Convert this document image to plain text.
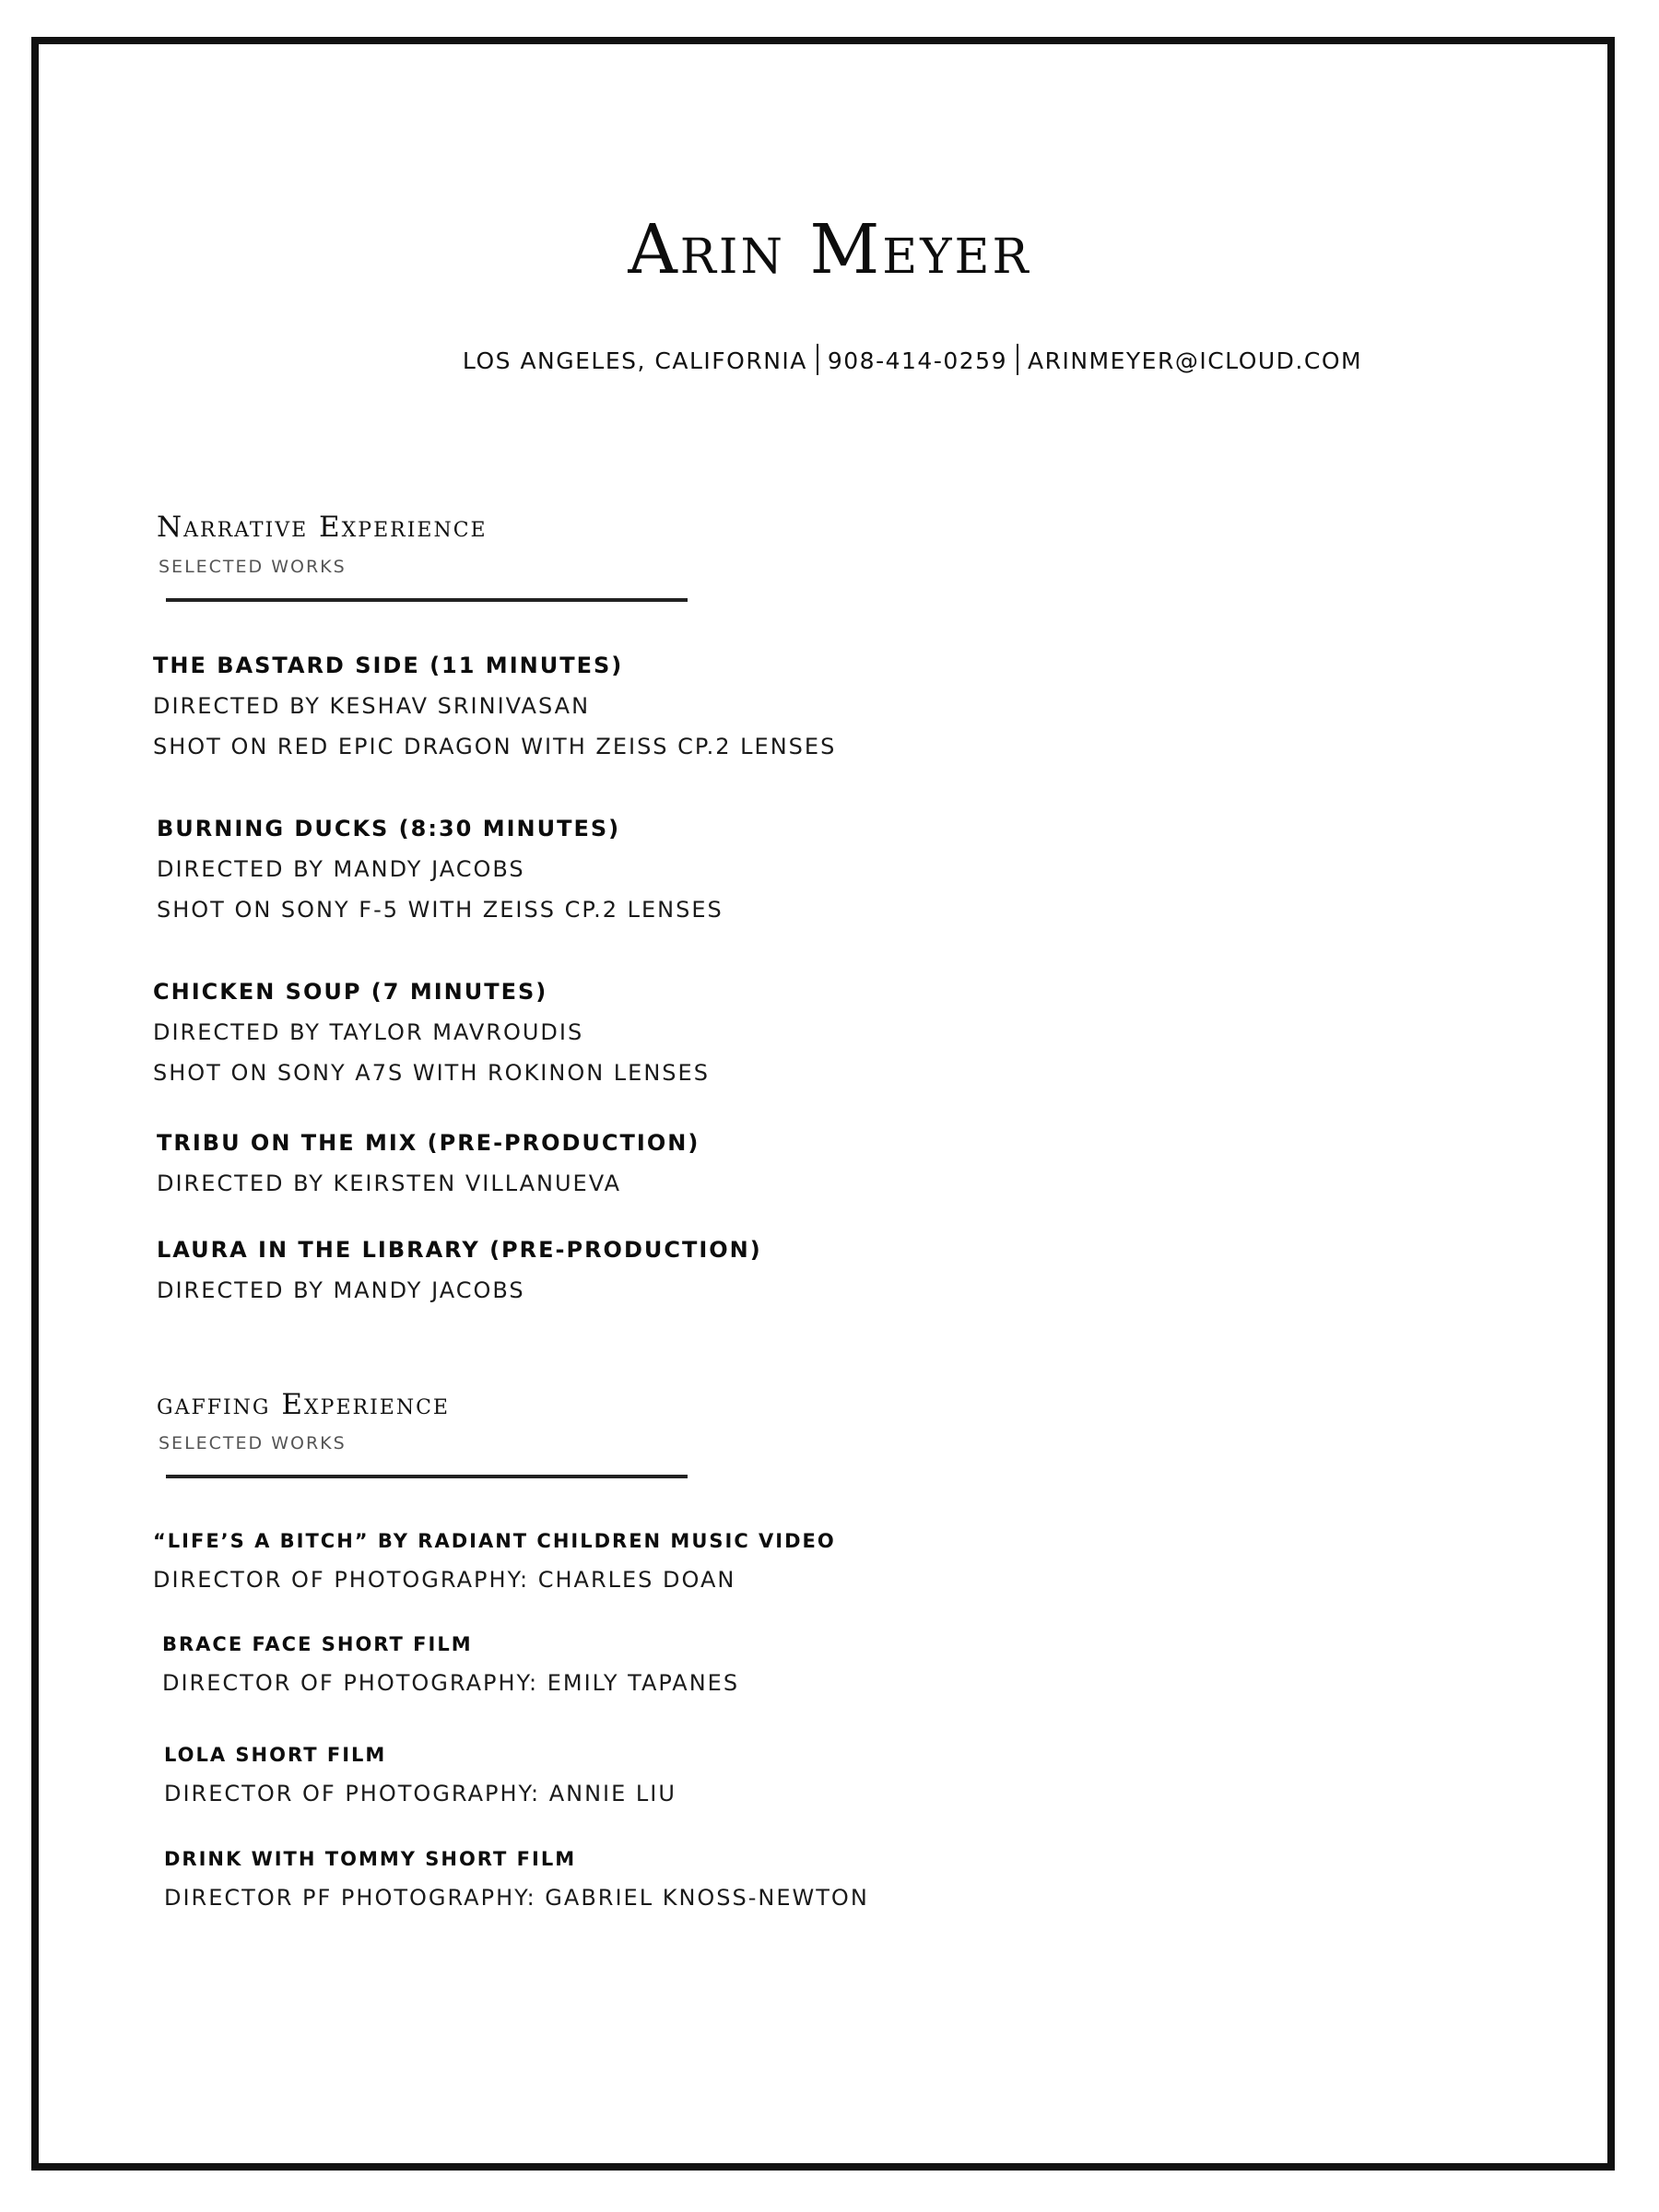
Arin Meyer
LOS ANGELES, CALIFORNIA 908-414-0259 ARINMEYER@ICLOUD.COM
Narrative Experience
SELECTED WORKS
THE BASTARD SIDE (11 MINUTES)
DIRECTED BY KESHAV SRINIVASAN
SHOT ON RED EPIC DRAGON WITH ZEISS CP.2 LENSES
BURNING DUCKS (8:30 MINUTES)
DIRECTED BY MANDY JACOBS
SHOT ON SONY F-5 WITH ZEISS CP.2 LENSES
CHICKEN SOUP (7 MINUTES)
DIRECTED BY TAYLOR MAVROUDIS
SHOT ON SONY A7S WITH ROKINON LENSES
TRIBU ON THE MIX (PRE-PRODUCTION)
DIRECTED BY KEIRSTEN VILLANUEVA
LAURA IN THE LIBRARY (PRE-PRODUCTION)
DIRECTED BY MANDY JACOBS
gaffing Experience
SELECTED WORKS
“LIFE’S A BITCH” BY RADIANT CHILDREN MUSIC VIDEO
DIRECTOR OF PHOTOGRAPHY: CHARLES DOAN
BRACE FACE SHORT FILM
DIRECTOR OF PHOTOGRAPHY: EMILY TAPANES
LOLA SHORT FILM
DIRECTOR OF PHOTOGRAPHY: ANNIE LIU
DRINK WITH TOMMY SHORT FILM
DIRECTOR PF PHOTOGRAPHY: GABRIEL KNOSS-NEWTON
